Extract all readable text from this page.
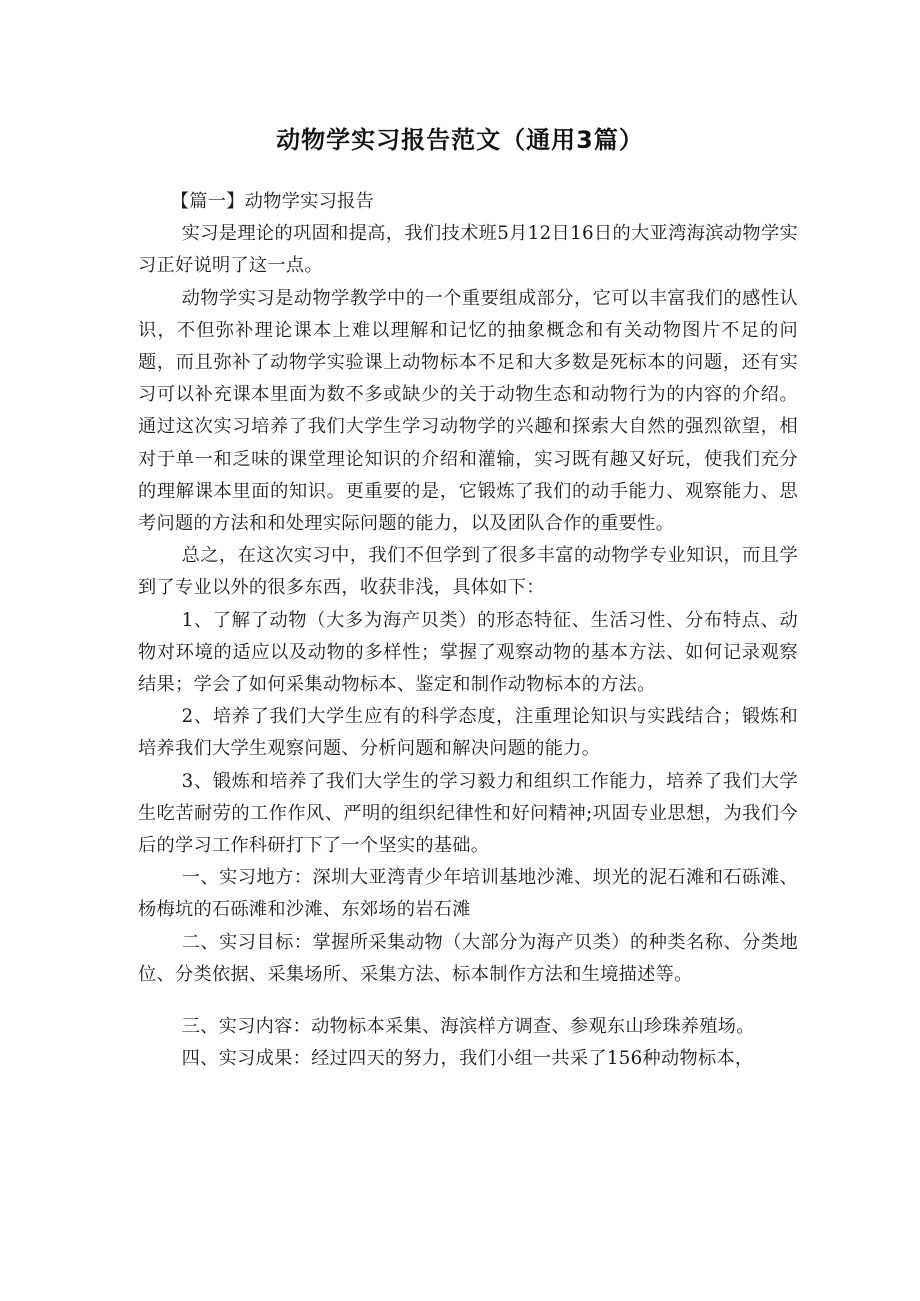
动物学实习报告范文（通用3篇）

【篇一】动物学实习报告

实习是理论的巩固和提高，我们技术班5月12日16日的大亚湾海滨动物学实习正好说明了这一点。

动物学实习是动物学教学中的一个重要组成部分，它可以丰富我们的感性认识，不但弥补理论课本上难以理解和记忆的抽象概念和有关动物图片不足的问题，而且弥补了动物学实验课上动物标本不足和大多数是死标本的问题，还有实习可以补充课本里面为数不多或缺少的关于动物生态和动物行为的内容的介绍。通过这次实习培养了我们大学生学习动物学的兴趣和探索大自然的强烈欲望，相对于单一和乏味的课堂理论知识的介绍和灌输，实习既有趣又好玩，使我们充分的理解课本里面的知识。更重要的是，它锻炼了我们的动手能力、观察能力、思考问题的方法和和处理实际问题的能力，以及团队合作的重要性。

总之，在这次实习中，我们不但学到了很多丰富的动物学专业知识，而且学到了专业以外的很多东西，收获非浅，具体如下：

1、了解了动物（大多为海产贝类）的形态特征、生活习性、分布特点、动物对环境的适应以及动物的多样性；掌握了观察动物的基本方法、如何记录观察结果；学会了如何采集动物标本、鉴定和制作动物标本的方法。

2、培养了我们大学生应有的科学态度，注重理论知识与实践结合；锻炼和培养我们大学生观察问题、分析问题和解决问题的能力。

3、锻炼和培养了我们大学生的学习毅力和组织工作能力，培养了我们大学生吃苦耐劳的工作作风、严明的组织纪律性和好问精神;巩固专业思想，为我们今后的学习工作科研打下了一个坚实的基础。

一、实习地方：深圳大亚湾青少年培训基地沙滩、坝光的泥石滩和石砾滩、杨梅坑的石砾滩和沙滩、东郊场的岩石滩

二、实习目标：掌握所采集动物（大部分为海产贝类）的种类名称、分类地位、分类依据、采集场所、采集方法、标本制作方法和生境描述等。

三、实习内容：动物标本采集、海滨样方调查、参观东山珍珠养殖场。

四、实习成果：经过四天的努力，我们小组一共采了156种动物标本，
